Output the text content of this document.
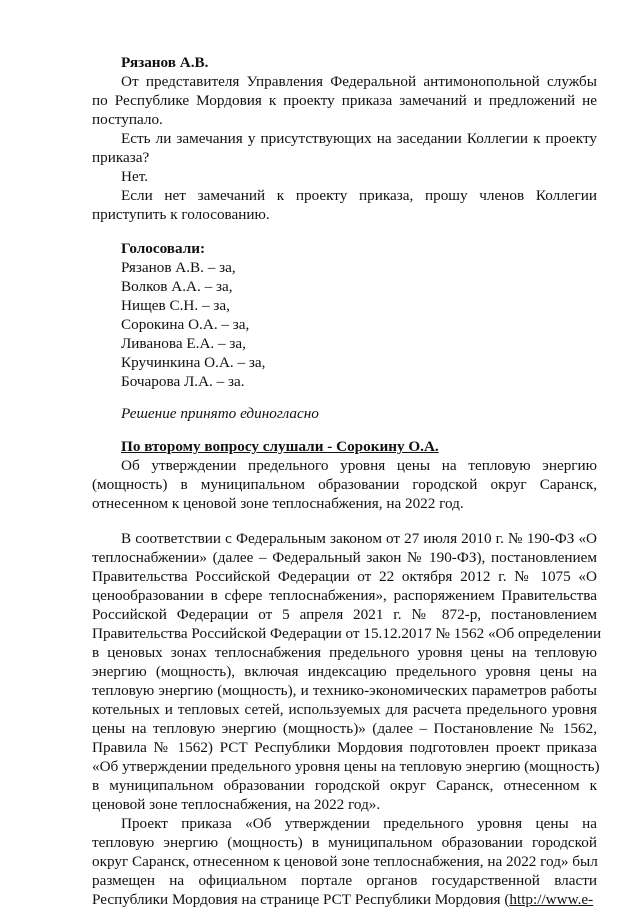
Рязанов А.В.
От представителя Управления Федеральной антимонопольной службы
по Республике Мордовия к проекту приказа замечаний и предложений не
поступало.
Есть ли замечания у присутствующих на заседании Коллегии к проекту
приказа?
Нет.
Если нет замечаний к проекту приказа, прошу членов Коллегии
приступить к голосованию.
Голосовали:
Рязанов А.В. – за,
Волков А.А. – за,
Нищев С.Н. – за,
Сорокина О.А. – за,
Ливанова Е.А. – за,
Кручинкина О.А. – за,
Бочарова Л.А. – за.
Решение принято единогласно
По второму вопросу слушали - Сорокину О.А.
Об утверждении предельного уровня цены на тепловую энергию
(мощность) в муниципальном образовании городской округ Саранск,
отнесенном к ценовой зоне теплоснабжения, на 2022 год.
В соответствии с Федеральным законом от 27 июля 2010 г. № 190-ФЗ «О
теплоснабжении» (далее – Федеральный закон № 190-ФЗ), постановлением
Правительства Российской Федерации от 22 октября 2012 г. № 1075 «О
ценообразовании в сфере теплоснабжения», распоряжением Правительства
Российской Федерации от 5 апреля 2021 г. № 872-р, постановлением
Правительства Российской Федерации от 15.12.2017 № 1562 «Об определении
в ценовых зонах теплоснабжения предельного уровня цены на тепловую
энергию (мощность), включая индексацию предельного уровня цены на
тепловую энергию (мощность), и технико-экономических параметров работы
котельных и тепловых сетей, используемых для расчета предельного уровня
цены на тепловую энергию (мощность)» (далее – Постановление № 1562,
Правила № 1562) РСТ Республики Мордовия подготовлен проект приказа
«Об утверждении предельного уровня цены на тепловую энергию (мощность)
в муниципальном образовании городской округ Саранск, отнесенном к
ценовой зоне теплоснабжения, на 2022 год».
Проект приказа «Об утверждении предельного уровня цены на
тепловую энергию (мощность) в муниципальном образовании городской
округ Саранск, отнесенном к ценовой зоне теплоснабжения, на 2022 год» был
размещен на официальном портале органов государственной власти
Республики Мордовия на странице РСТ Республики Мордовия (http://www.e-
